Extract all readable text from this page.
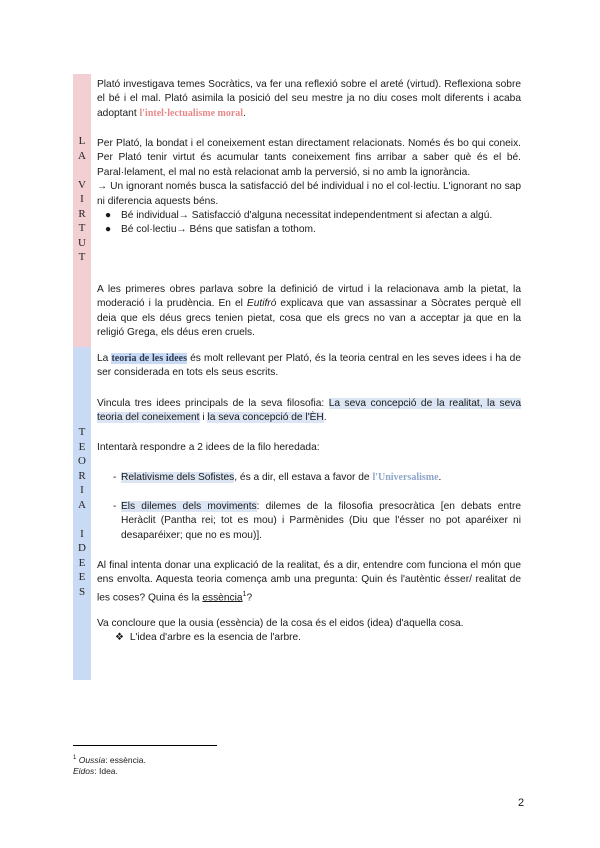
L
A

V
I
R
T
U
T
T
E
O
R
I
A

I
D
E
E
S

Plató investigava temes Socràtics, va fer una reflexió sobre el areté (virtud). Reflexiona sobre el bé i el mal. Plató asimila la posició del seu mestre ja no diu coses molt diferents i acaba adoptant l'intel·lectualisme moral.

Per Plató, la bondat i el coneixement estan directament relacionats. Només és bo qui coneix. Per Plató tenir virtut és acumular tants coneixement fins arribar a saber què és el bé. Paral·lelament, el mal no està relacionat amb la perversió, si no amb la ignorància.

→ Un ignorant només busca la satisfacció del bé individual i no el col·lectiu. L'ignorant no sap ni diferencia aquests béns.

● Bé individual→ Satisfacció d'alguna necessitat independentment si afectan a algú.
● Bé col·lectiu→ Béns que satisfan a tothom.

A les primeres obres parlava sobre la definició de virtud i la relacionava amb la pietat, la moderació i la prudència. En el Eutifró explicava que van assassinar a Sòcrates perquè ell deia que els déus grecs tenien pietat, cosa que els grecs no van a acceptar ja que en la religió Grega, els déus eren cruels.

La teoria de les idees és molt rellevant per Plató, és la teoria central en les seves idees i ha de ser considerada en tots els seus escrits.

Vincula tres idees principals de la seva filosofia: La seva concepció de la realitat, la seva teoria del coneixement i la seva concepció de l'ÈH.

Intentarà respondre a 2 idees de la filo heredada:

- Relativisme dels Sofistes, és a dir, ell estava a favor de l'Universalisme.
- Els dilemes dels moviments: dilemes de la filosofia presocràtica [en debats entre Heràclit (Pantha rei; tot es mou) i Parmènides (Diu que l'ésser no pot aparéixer ni desaparéixer; que no es mou)].

Al final intenta donar una explicació de la realitat, és a dir, entendre com funciona el món que ens envolta. Aquesta teoria comença amb una pregunta: Quin és l'autèntic ésser/ realitat de les coses? Quina és la essència$^1$?

Va concloure que la ousia (essència) de la cosa és el eidos (idea) d'aquella cosa.

❖ L'idea d'arbre es la esencia de l'arbre.
$^1$ Oussia: essència.
Eidos: Idea.
2
